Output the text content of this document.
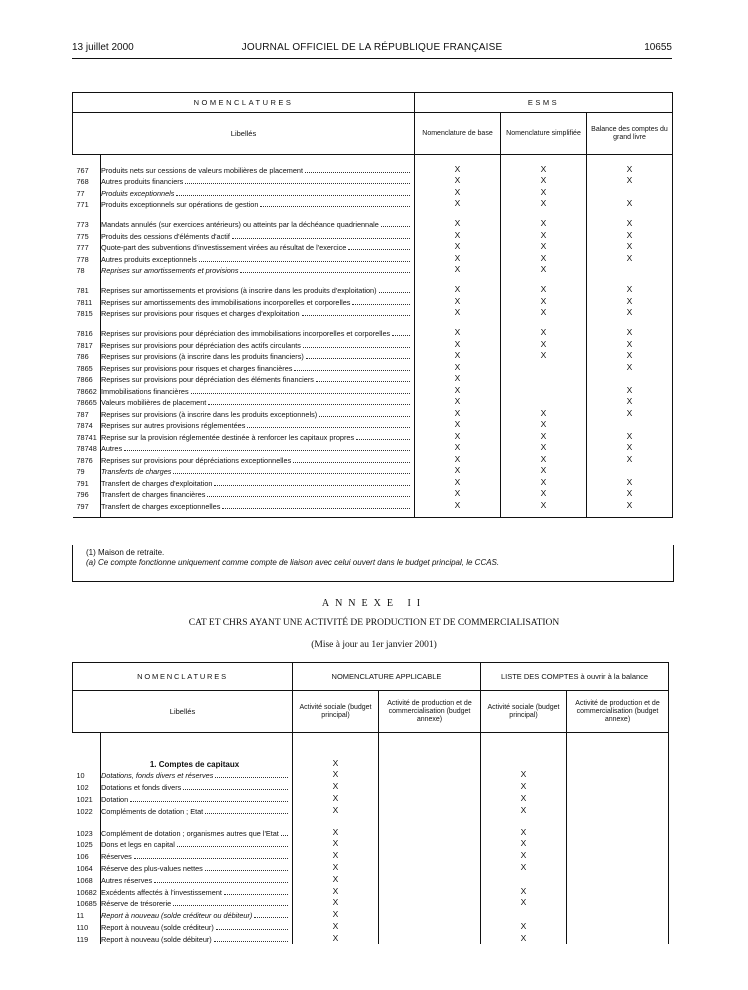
13 juillet 2000	JOURNAL OFFICIEL DE LA RÉPUBLIQUE FRANÇAISE	10655
NOMENCLATURES		ESMS		
Libellés		Nomenclature de base	Nomenclature simplifiée	Balance des comptes du grand livre
767	Produits nets sur cessions de valeurs mobilières de placement	X	X	X
768	Autres produits financiers	X	X	X
77	Produits exceptionnels	X	X	
771	Produits exceptionnels sur opérations de gestion	X	X	X
773	Mandats annulés (sur exercices antérieurs) ou atteints par la déchéance quadriennale	X	X	X
775	Produits des cessions d'éléments d'actif	X	X	X
777	Quote-part des subventions d'investissement virées au résultat de l'exercice	X	X	X
778	Autres produits exceptionnels	X	X	X
78	Reprises sur amortissements et provisions	X	X	
781	Reprises sur amortissements et provisions (à inscrire dans les produits d'exploitation)	X	X	X
7811	Reprises sur amortissements des immobilisations incorporelles et corporelles	X	X	X
7815	Reprises sur provisions pour risques et charges d'exploitation	X	X	X
7816	Reprises sur provisions pour dépréciation des immobilisations incorporelles et corporelles	X	X	X
7817	Reprises sur provisions pour dépréciation des actifs circulants	X	X	X
786	Reprises sur provisions (à inscrire dans les produits financiers)	X	X	X
7865	Reprises sur provisions pour risques et charges financières	X		X
7866	Reprises sur provisions pour dépréciation des éléments financiers	X		
78662	Immobilisations financières	X		X
78665	Valeurs mobilières de placement	X		X
787	Reprises sur provisions (à inscrire dans les produits exceptionnels)	X	X	X
7874	Reprises sur autres provisions réglementées	X	X	
78741	Reprise sur la provision réglementée destinée à renforcer les capitaux propres	X	X	X
78748	Autres	X	X	X
7876	Reprises sur provisions pour dépréciations exceptionnelles	X	X	X
79	Transferts de charges	X	X	
791	Transfert de charges d'exploitation	X	X	X
796	Transfert de charges financières	X	X	X
797	Transfert de charges exceptionnelles	X	X	X

(1) Maison de retraite.
(a) Ce compte fonctionne uniquement comme compte de liaison avec celui ouvert dans le budget principal, le CCAS.
ANNEXE II
CAT ET CHRS AYANT UNE ACTIVITÉ DE PRODUCTION ET DE COMMERCIALISATION
(Mise à jour au 1er janvier 2001)
NOMENCLATURES		NOMENCLATURE APPLICABLE		LISTE DES COMPTES à ouvrir à la balance	
Libellés		Activité sociale (budget principal)	Activité de production et de commercialisation (budget annexe)	Activité sociale (budget principal)	Activité de production et de commercialisation (budget annexe)
	1. Comptes de capitaux	X			
10	Dotations, fonds divers et réserves	X		X	
102	Dotations et fonds divers	X		X	
1021	Dotation	X		X	
1022	Compléments de dotation ; Etat	X		X	
1023	Complément de dotation ; organismes autres que l'Etat	X		X	
1025	Dons et legs en capital	X		X	
106	Réserves	X		X	
1064	Réserve des plus-values nettes	X		X	
1068	Autres réserves	X			
10682	Excédents affectés à l'investissement	X		X	
10685	Réserve de trésorerie	X		X	
11	Report à nouveau (solde créditeur ou débiteur)	X			
110	Report à nouveau (solde créditeur)	X		X	
119	Report à nouveau (solde débiteur)	X		X	
